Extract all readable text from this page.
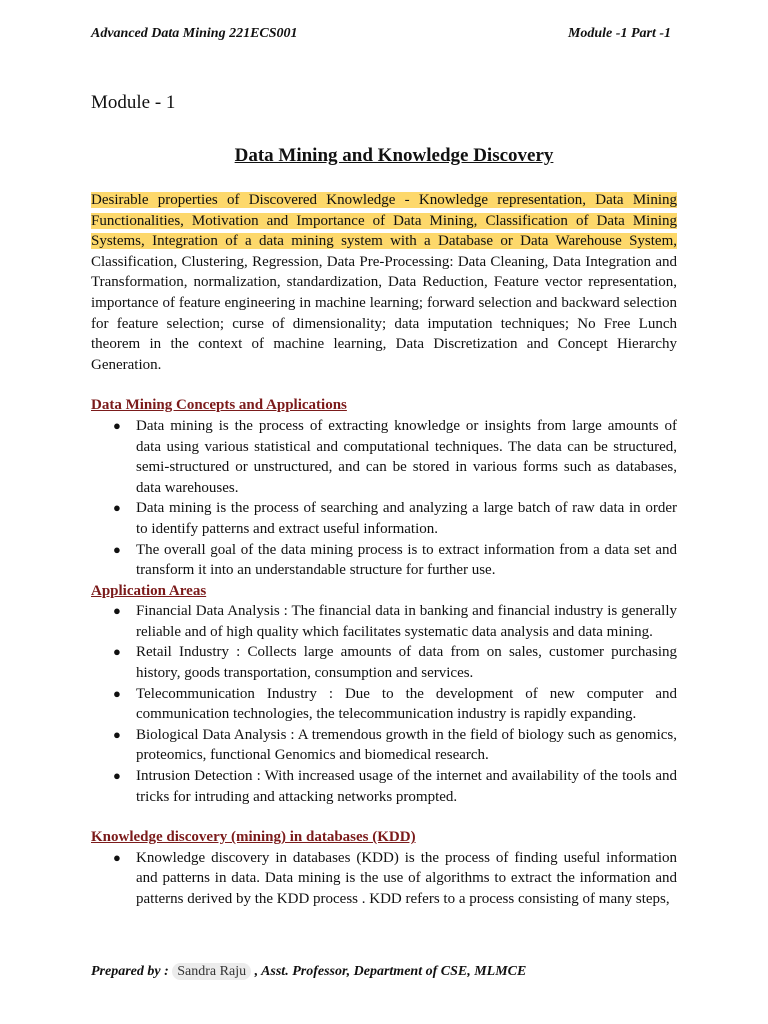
Advanced Data Mining 221ECS001	Module -1 Part -1
Module - 1
Data Mining and Knowledge Discovery

Desirable properties of Discovered Knowledge - Knowledge representation, Data Mining Functionalities, Motivation and Importance of Data Mining, Classification of Data Mining Systems, Integration of a data mining system with a Database or Data Warehouse System, Classification, Clustering, Regression, Data Pre-Processing: Data Cleaning, Data Integration and Transformation, normalization, standardization, Data Reduction, Feature vector representation, importance of feature engineering in machine learning; forward selection and backward selection for feature selection; curse of dimensionality; data imputation techniques; No Free Lunch theorem in the context of machine learning, Data Discretization and Concept Hierarchy Generation.

Data Mining Concepts and Applications

● Data mining is the process of extracting knowledge or insights from large amounts of data using various statistical and computational techniques. The data can be structured, semi-structured or unstructured, and can be stored in various forms such as databases, data warehouses.
● Data mining is the process of searching and analyzing a large batch of raw data in order to identify patterns and extract useful information.
● The overall goal of the data mining process is to extract information from a data set and transform it into an understandable structure for further use.

Application Areas

● Financial Data Analysis : The financial data in banking and financial industry is generally reliable and of high quality which facilitates systematic data analysis and data mining.
● Retail Industry : Collects large amounts of data from on sales, customer purchasing history, goods transportation, consumption and services.
● Telecommunication Industry : Due to the development of new computer and communication technologies, the telecommunication industry is rapidly expanding.
● Biological Data Analysis : A tremendous growth in the field of biology such as genomics, proteomics, functional Genomics and biomedical research.
● Intrusion Detection : With increased usage of the internet and availability of the tools and tricks for intruding and attacking networks prompted.

Knowledge discovery (mining) in databases (KDD)

● Knowledge discovery in databases (KDD) is the process of finding useful information and patterns in data. Data mining is the use of algorithms to extract the information and patterns derived by the KDD process . KDD refers to a process consisting of many steps,
Prepared by : Sandra Raju , Asst. Professor, Department of CSE, MLMCE
